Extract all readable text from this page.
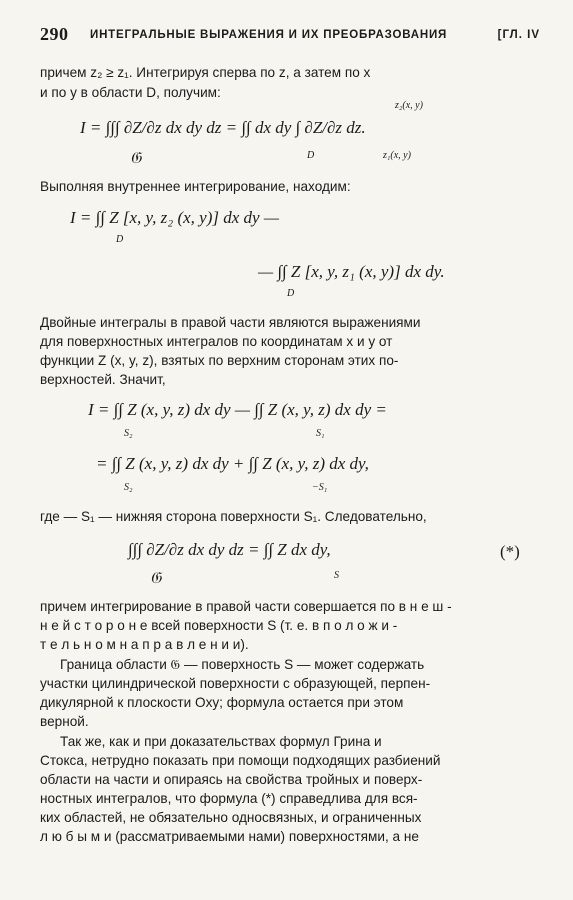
290 ИНТЕГРАЛЬНЫЕ ВЫРАЖЕНИЯ И ИХ ПРЕОБРАЗОВАНИЯ	[ГЛ. IV
причем z₂ ≥ z₁. Интегрируя сперва по z, а затем по x
и по y в области D, получим:
I = ∫∫∫ ∂Z/∂z dx dy dz = ∫∫ dx dy ∫ ∂Z/∂z dz.
𝔊	D
z₂(x, y)
z₁(x, y)
Выполняя внутреннее интегрирование, находим:
I = ∫∫ Z [x, y, z₂ (x, y)] dx dy —
D
— ∫∫ Z [x, y, z₁ (x, y)] dx dy.
D
Двойные интегралы в правой части являются выражениями
для поверхностных интегралов по координатам x и y от
функции Z (x, y, z), взятых по верхним сторонам этих по-
верхностей. Значит,
I = ∫∫ Z (x, y, z) dx dy — ∫∫ Z (x, y, z) dx dy =
S₂	S₁
= ∫∫ Z (x, y, z) dx dy + ∫∫ Z (x, y, z) dx dy,
S₂	−S₁
где — S₁ — нижняя сторона поверхности S₁. Следовательно,
∫∫∫ ∂Z/∂z dx dy dz = ∫∫ Z dx dy,
𝔊	S
(*)
причем интегрирование в правой части совершается по в н е ш -
н е й с т о р о н е всей поверхности S (т. е. в п о л о ж и -
т е л ь н о м н а п р а в л е н и и).
Граница области 𝔊 — поверхность S — может содержать
участки цилиндрической поверхности с образующей, перпен-
дикулярной к плоскости Oxy; формула остается при этом
верной.
Так же, как и при доказательствах формул Грина и
Стокса, нетрудно показать при помощи подходящих разбиений
области на части и опираясь на свойства тройных и поверх-
ностных интегралов, что формула (*) справедлива для вся-
ких областей, не обязательно односвязных, и ограниченных
л ю б ы м и (рассматриваемыми нами) поверхностями, а не
